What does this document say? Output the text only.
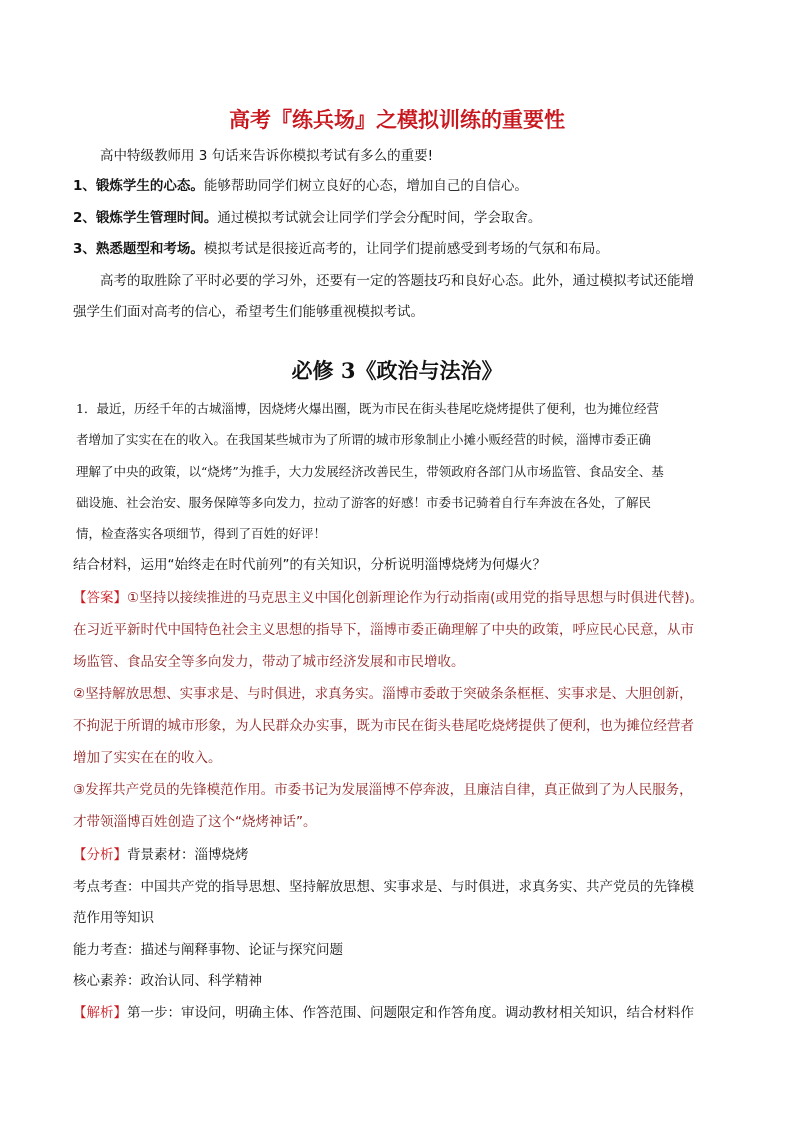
高考『练兵场』之模拟训练的重要性
高中特级教师用 3 句话来告诉你模拟考试有多么的重要!
1、锻炼学生的心态。能够帮助同学们树立良好的心态，增加自己的自信心。
2、锻炼学生管理时间。通过模拟考试就会让同学们学会分配时间，学会取舍。
3、熟悉题型和考场。模拟考试是很接近高考的，让同学们提前感受到考场的气氛和布局。
高考的取胜除了平时必要的学习外，还要有一定的答题技巧和良好心态。此外，通过模拟考试还能增
强学生们面对高考的信心，希望考生们能够重视模拟考试。
必修 3《政治与法治》
1．最近，历经千年的古城淄博，因烧烤火爆出圈，既为市民在街头巷尾吃烧烤提供了便利，也为摊位经营
者增加了实实在在的收入。在我国某些城市为了所谓的城市形象制止小摊小贩经营的时候，淄博市委正确
理解了中央的政策，以“烧烤”为推手，大力发展经济改善民生，带领政府各部门从市场监管、食品安全、基
础设施、社会治安、服务保障等多向发力，拉动了游客的好感！市委书记骑着自行车奔波在各处，了解民
情，检查落实各项细节，得到了百姓的好评！
结合材料，运用“始终走在时代前列”的有关知识，分析说明淄博烧烤为何爆火？
【答案】①坚持以接续推进的马克思主义中国化创新理论作为行动指南(或用党的指导思想与时俱进代替)。
在习近平新时代中国特色社会主义思想的指导下，淄博市委正确理解了中央的政策，呼应民心民意，从市
场监管、食品安全等多向发力，带动了城市经济发展和市民增收。
②坚持解放思想、实事求是、与时俱进，求真务实。淄博市委敢于突破条条框框、实事求是、大胆创新，
不拘泥于所谓的城市形象，为人民群众办实事，既为市民在街头巷尾吃烧烤提供了便利，也为摊位经营者
增加了实实在在的收入。
③发挥共产党员的先锋模范作用。市委书记为发展淄博不停奔波，且廉洁自律，真正做到了为人民服务，
才带领淄博百姓创造了这个“烧烤神话”。
【分析】背景素材：淄博烧烤
考点考查：中国共产党的指导思想、坚持解放思想、实事求是、与时俱进，求真务实、共产党员的先锋模
范作用等知识
能力考查：描述与阐释事物、论证与探究问题
核心素养：政治认同、科学精神
【解析】第一步：审设问，明确主体、作答范围、问题限定和作答角度。调动教材相关知识，结合材料作
